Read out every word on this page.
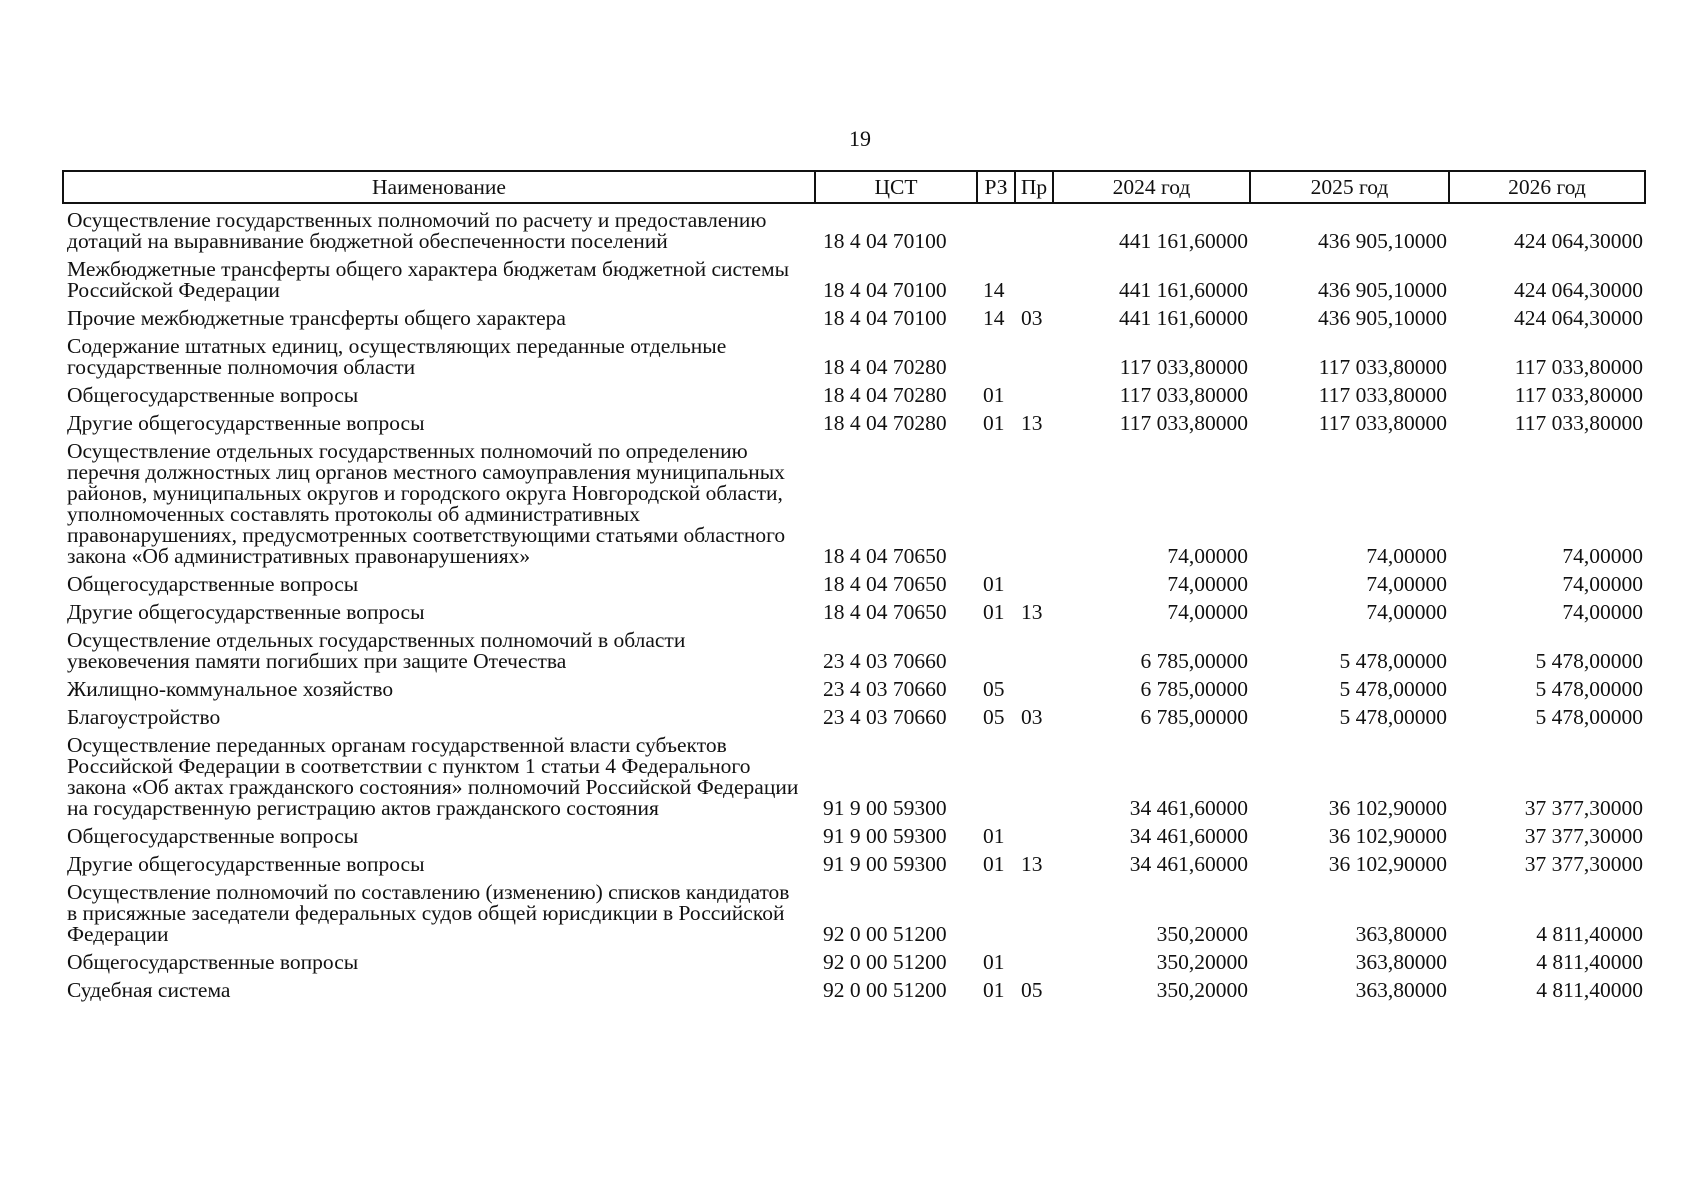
19
Наименование	ЦСТ	РЗ	Пр	2024 год	2025 год	2026 год
Осуществление государственных полномочий по расчету и предоставлению дотаций на выравнивание бюджетной обеспеченности поселений	18 4 04 70100			441 161,60000	436 905,10000	424 064,30000
Межбюджетные трансферты общего характера бюджетам бюджетной системы Российской Федерации	18 4 04 70100	14		441 161,60000	436 905,10000	424 064,30000
Прочие межбюджетные трансферты общего характера	18 4 04 70100	14	03	441 161,60000	436 905,10000	424 064,30000
Содержание штатных единиц, осуществляющих переданные отдельные государственные полномочия области	18 4 04 70280			117 033,80000	117 033,80000	117 033,80000
Общегосударственные вопросы	18 4 04 70280	01		117 033,80000	117 033,80000	117 033,80000
Другие общегосударственные вопросы	18 4 04 70280	01	13	117 033,80000	117 033,80000	117 033,80000
Осуществление отдельных государственных полномочий по определению перечня должностных лиц органов местного самоуправления муниципальных районов, муниципальных округов и городского округа Новгородской области, уполномоченных составлять протоколы об административных правонарушениях, предусмотренных соответствующими статьями областного закона «Об административных правонарушениях»	18 4 04 70650			74,00000	74,00000	74,00000
Общегосударственные вопросы	18 4 04 70650	01		74,00000	74,00000	74,00000
Другие общегосударственные вопросы	18 4 04 70650	01	13	74,00000	74,00000	74,00000
Осуществление отдельных государственных полномочий в области увековечения памяти погибших при защите Отечества	23 4 03 70660			6 785,00000	5 478,00000	5 478,00000
Жилищно-коммунальное хозяйство	23 4 03 70660	05		6 785,00000	5 478,00000	5 478,00000
Благоустройство	23 4 03 70660	05	03	6 785,00000	5 478,00000	5 478,00000
Осуществление переданных органам государственной власти субъектов Российской Федерации в соответствии с пунктом 1 статьи 4 Федерального закона «Об актах гражданского состояния» полномочий Российской Федерации на государственную регистрацию актов гражданского состояния	91 9 00 59300			34 461,60000	36 102,90000	37 377,30000
Общегосударственные вопросы	91 9 00 59300	01		34 461,60000	36 102,90000	37 377,30000
Другие общегосударственные вопросы	91 9 00 59300	01	13	34 461,60000	36 102,90000	37 377,30000
Осуществление полномочий по составлению (изменению) списков кандидатов в присяжные заседатели федеральных судов общей юрисдикции в Российской Федерации	92 0 00 51200			350,20000	363,80000	4 811,40000
Общегосударственные вопросы	92 0 00 51200	01		350,20000	363,80000	4 811,40000
Судебная система	92 0 00 51200	01	05	350,20000	363,80000	4 811,40000
